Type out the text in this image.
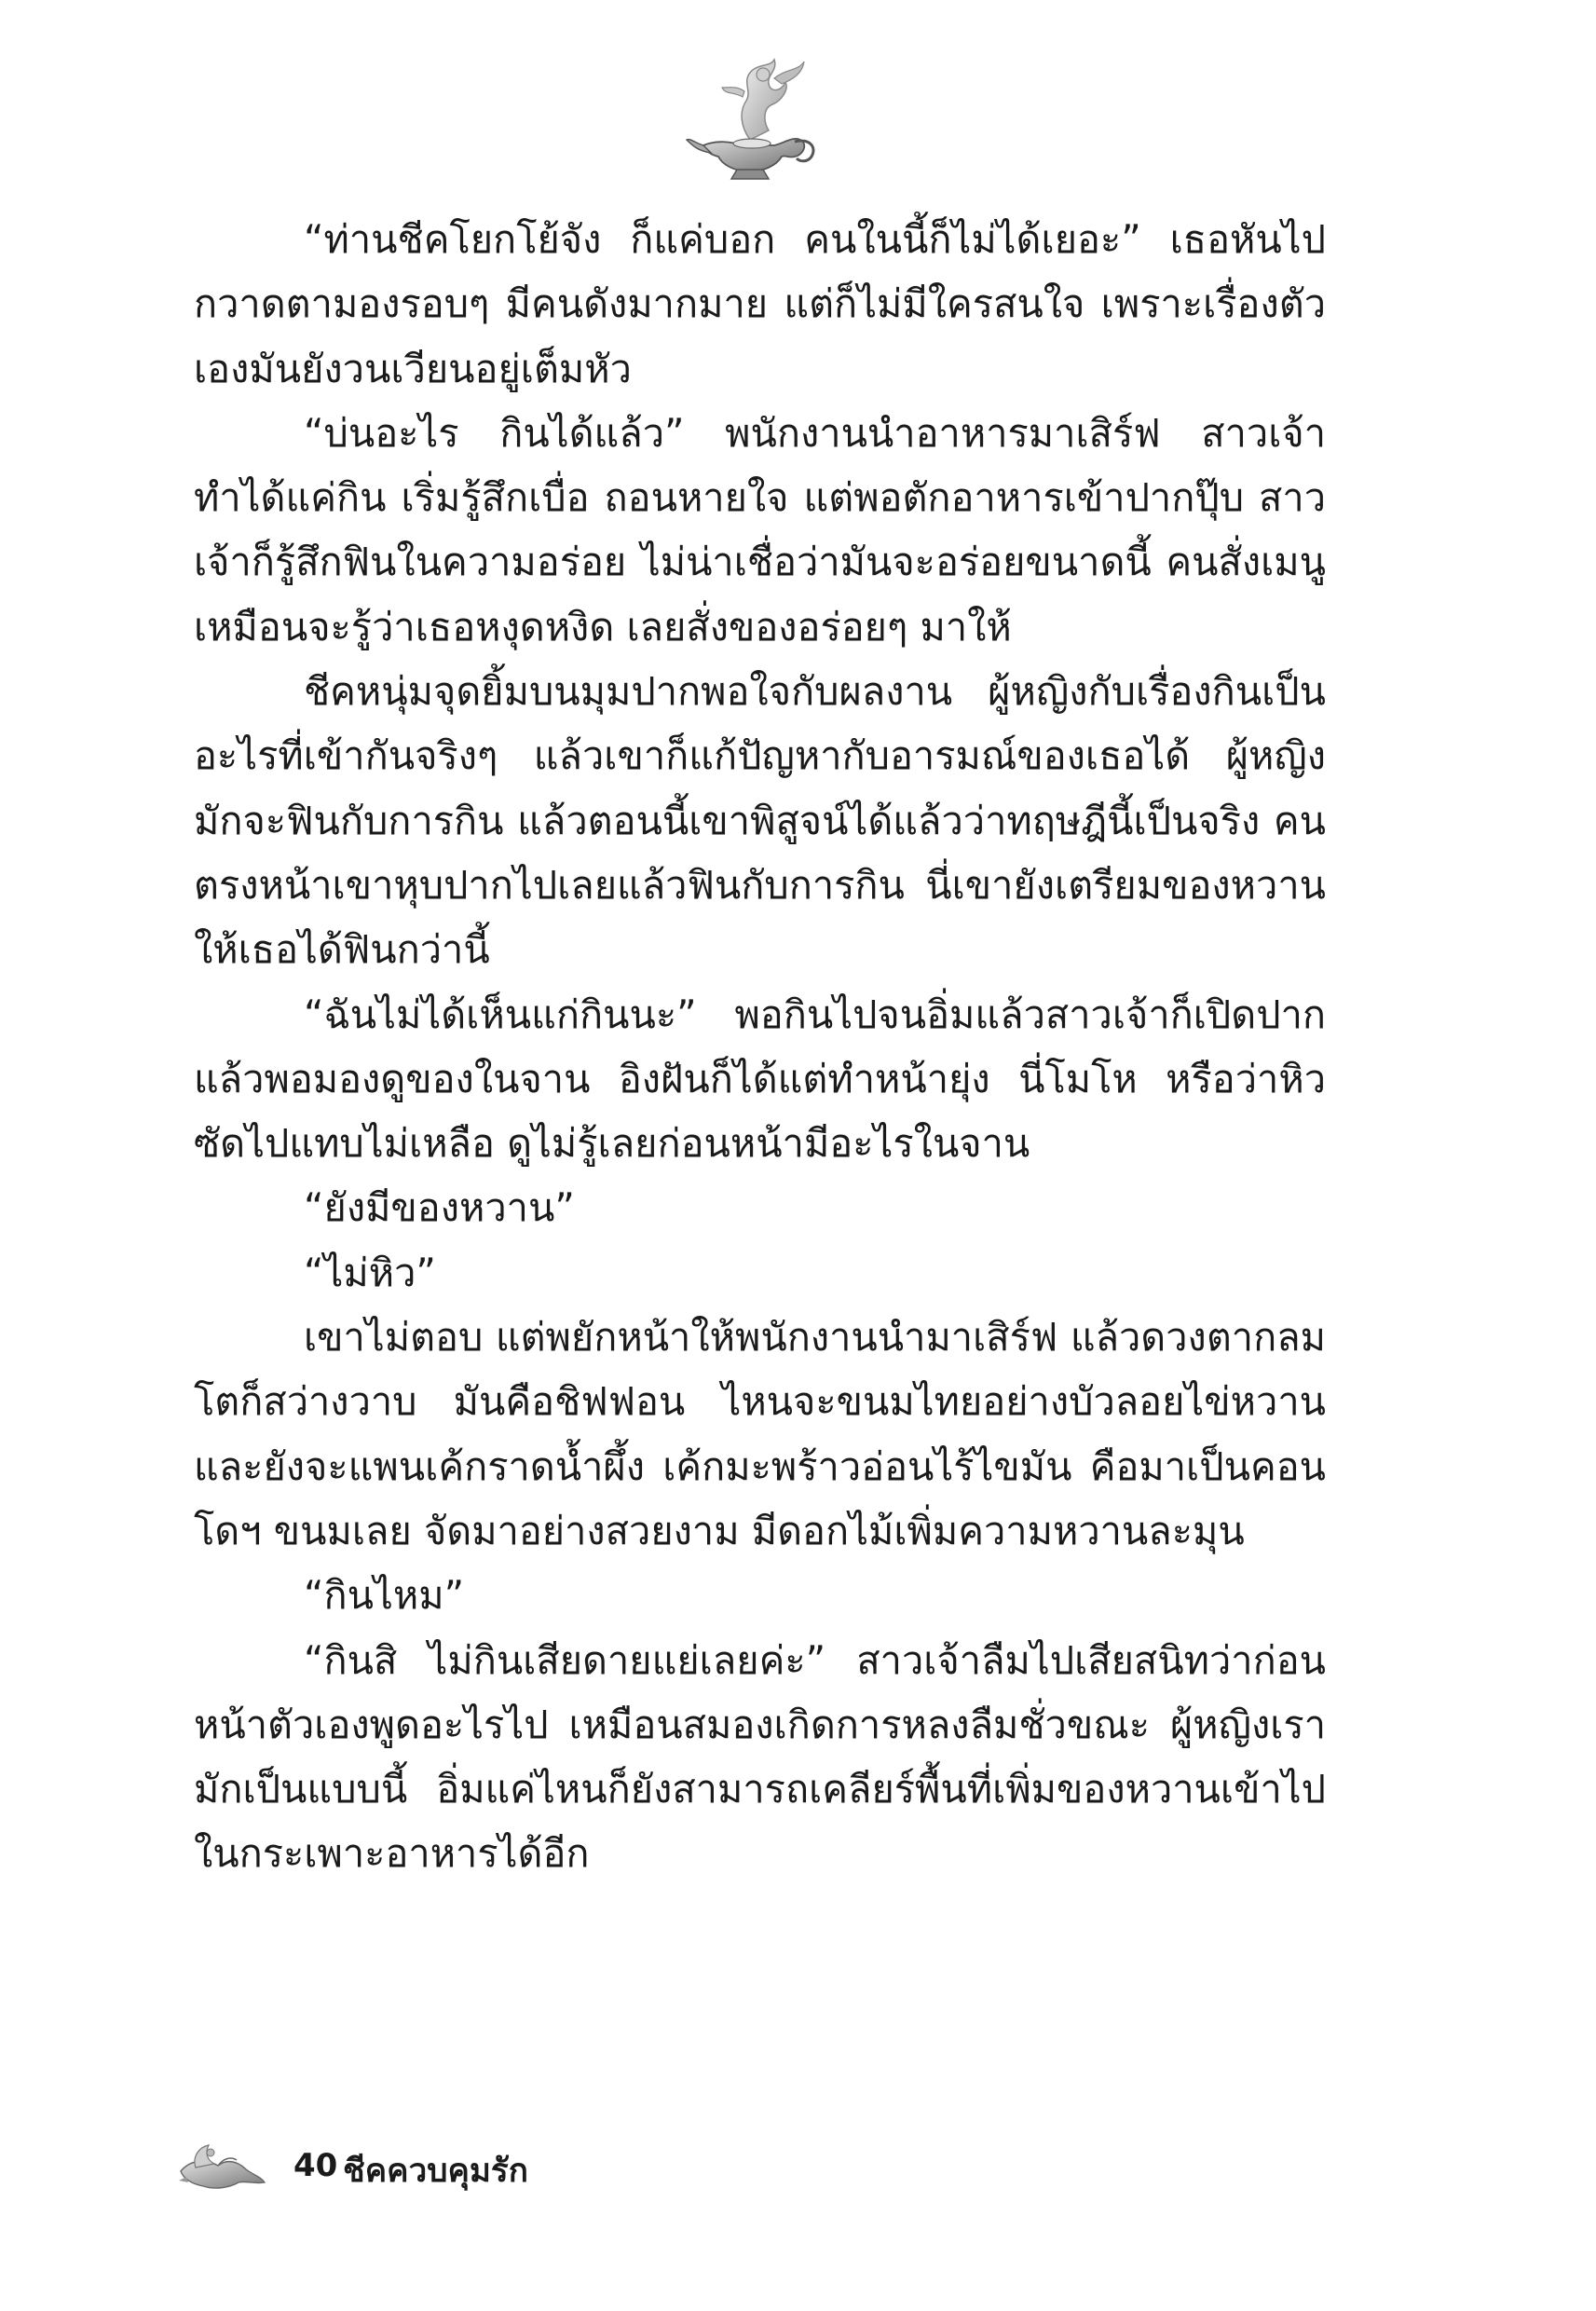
“ท่านชีคโยกโย้จัง ก็แค่บอก คนในนี้ก็ไม่ได้เยอะ” เธอหันไปกวาดตามองรอบๆ มีคนดังมากมาย แต่ก็ไม่มีใครสนใจ เพราะเรื่องตัวเองมันยังวนเวียนอยู่เต็มหัว

“บ่นอะไร กินได้แล้ว” พนักงานนำอาหารมาเสิร์ฟ สาวเจ้าทำได้แค่กิน เริ่มรู้สึกเบื่อ ถอนหายใจ แต่พอตักอาหารเข้าปากปุ๊บ สาวเจ้าก็รู้สึกฟินในความอร่อย ไม่น่าเชื่อว่ามันจะอร่อยขนาดนี้ คนสั่งเมนูเหมือนจะรู้ว่าเธอหงุดหงิด เลยสั่งของอร่อยๆ มาให้

ชีคหนุ่มจุดยิ้มบนมุมปากพอใจกับผลงาน ผู้หญิงกับเรื่องกินเป็นอะไรที่เข้ากันจริงๆ แล้วเขาก็แก้ปัญหากับอารมณ์ของเธอได้ ผู้หญิงมักจะฟินกับการกิน แล้วตอนนี้เขาพิสูจน์ได้แล้วว่าทฤษฎีนี้เป็นจริง คนตรงหน้าเขาหุบปากไปเลยแล้วฟินกับการกิน นี่เขายังเตรียมของหวานให้เธอได้ฟินกว่านี้

“ฉันไม่ได้เห็นแก่กินนะ” พอกินไปจนอิ่มแล้วสาวเจ้าก็เปิดปากแล้วพอมองดูของในจาน อิงฝันก็ได้แต่ทำหน้ายุ่ง นี่โมโห หรือว่าหิวซัดไปแทบไม่เหลือ ดูไม่รู้เลยก่อนหน้ามีอะไรในจาน

“ยังมีของหวาน”

“ไม่หิว”

เขาไม่ตอบ แต่พยักหน้าให้พนักงานนำมาเสิร์ฟ แล้วดวงตากลมโตก็สว่างวาบ มันคือชิฟฟอน ไหนจะขนมไทยอย่างบัวลอยไข่หวาน และยังจะแพนเค้กราดน้ำผึ้ง เค้กมะพร้าวอ่อนไร้ไขมัน คือมาเป็นคอนโดฯ ขนมเลย จัดมาอย่างสวยงาม มีดอกไม้เพิ่มความหวานละมุน

“กินไหม”

“กินสิ ไม่กินเสียดายแย่เลยค่ะ” สาวเจ้าลืมไปเสียสนิทว่าก่อนหน้าตัวเองพูดอะไรไป เหมือนสมองเกิดการหลงลืมชั่วขณะ ผู้หญิงเรามักเป็นแบบนี้ อิ่มแค่ไหนก็ยังสามารถเคลียร์พื้นที่เพิ่มของหวานเข้าไปในกระเพาะอาหารได้อีก

40 ชีคควบคุมรัก
